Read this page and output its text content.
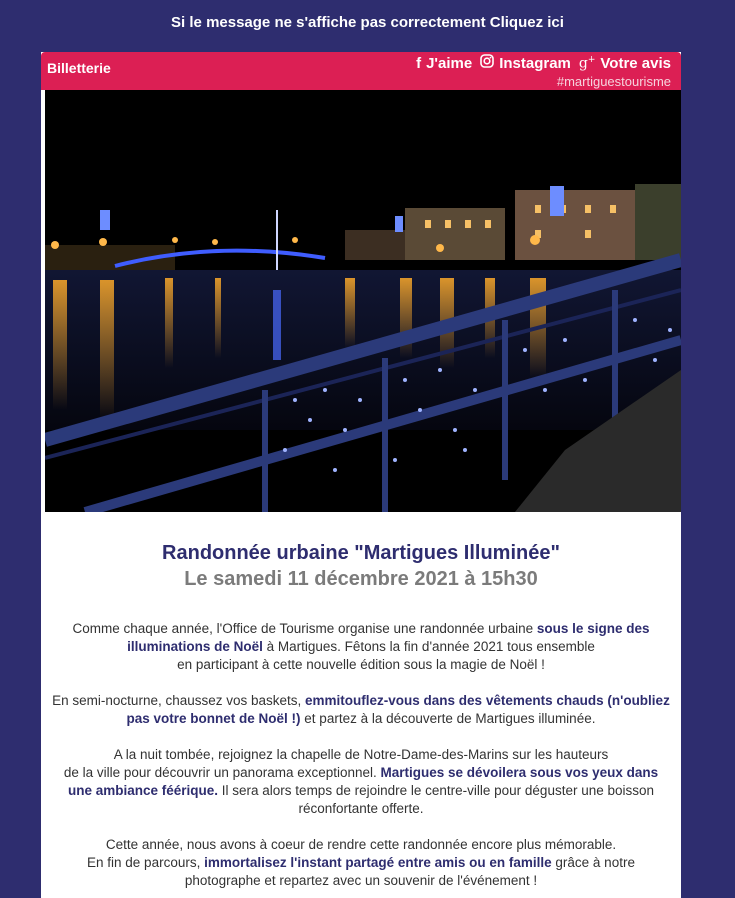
Si le message ne s'affiche pas correctement Cliquez ici
Billetterie	f J'aime Instagram g+ Votre avis
#martiguestourisme
Randonnée urbaine "Martigues Illuminée"
Le samedi 11 décembre 2021 à 15h30

Comme chaque année, l'Office de Tourisme organise une randonnée urbaine sous le signe des illuminations de Noël à Martigues. Fêtons la fin d'année 2021 tous ensemble
en participant à cette nouvelle édition sous la magie de Noël !

En semi-nocturne, chaussez vos baskets, emmitouflez-vous dans des vêtements chauds (n'oubliez pas votre bonnet de Noël !) et partez à la découverte de Martigues illuminée.

A la nuit tombée, rejoignez la chapelle de Notre-Dame-des-Marins sur les hauteurs
de la ville pour découvrir un panorama exceptionnel. Martigues se dévoilera sous vos yeux dans une ambiance féérique. Il sera alors temps de rejoindre le centre-ville pour déguster une boisson réconfortante offerte.

Cette année, nous avons à coeur de rendre cette randonnée encore plus mémorable.
En fin de parcours, immortalisez l'instant partagé entre amis ou en famille grâce à notre photographe et repartez avec un souvenir de l'événement !
